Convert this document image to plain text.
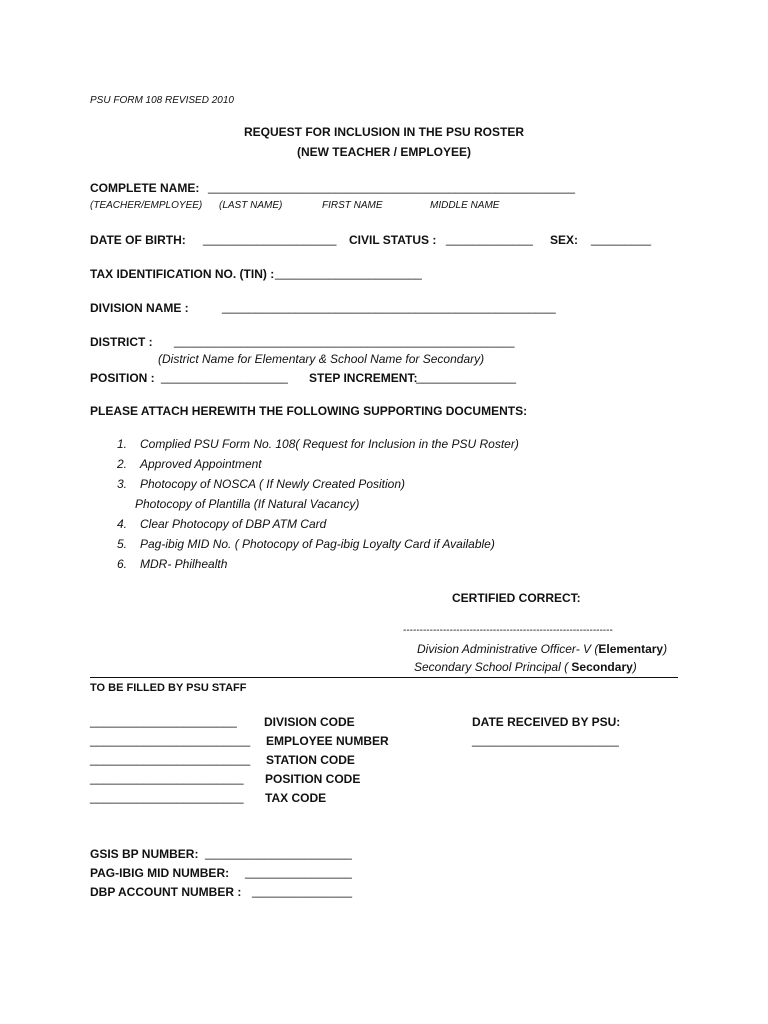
PSU FORM 108 REVISED 2010
REQUEST FOR INCLUSION IN THE PSU ROSTER
(NEW TEACHER / EMPLOYEE)
COMPLETE NAME: _______________________________________________________
(TEACHER/EMPLOYEE) (LAST NAME)	FIRST NAME	MIDDLE NAME
DATE OF BIRTH: ____________________ CIVIL STATUS : _____________ SEX: _________
TAX IDENTIFICATION NO. (TIN) : ______________________
DIVISION NAME :	__________________________________________________
DISTRICT : ___________________________________________________
(District Name for Elementary & School Name for Secondary)
POSITION : ___________________ STEP INCREMENT:
_______________
PLEASE ATTACH HEREWITH THE FOLLOWING SUPPORTING DOCUMENTS:
1. Complied PSU Form No. 108( Request for Inclusion in the PSU Roster)
2. Approved Appointment
3. Photocopy of NOSCA ( If Newly Created Position)
Photocopy of Plantilla (If Natural Vacancy)
4. Clear Photocopy of DBP ATM Card
5. Pag-ibig MID No. ( Photocopy of Pag-ibig Loyalty Card if Available)
6. MDR- Philhealth
CERTIFIED CORRECT:
---------------------------------------------------------------
Division Administrative Officer- V (Elementary)
Secondary School Principal ( Secondary)
TO BE FILLED BY PSU STAFF
______________________ DIVISION CODE
________________________ EMPLOYEE NUMBER
________________________ STATION CODE
_______________________ POSITION CODE
_______________________ TAX CODE
DATE RECEIVED BY PSU:
______________________
GSIS BP NUMBER: ______________________
PAG-IBIG MID NUMBER: ________________
DBP ACCOUNT NUMBER : _______________
